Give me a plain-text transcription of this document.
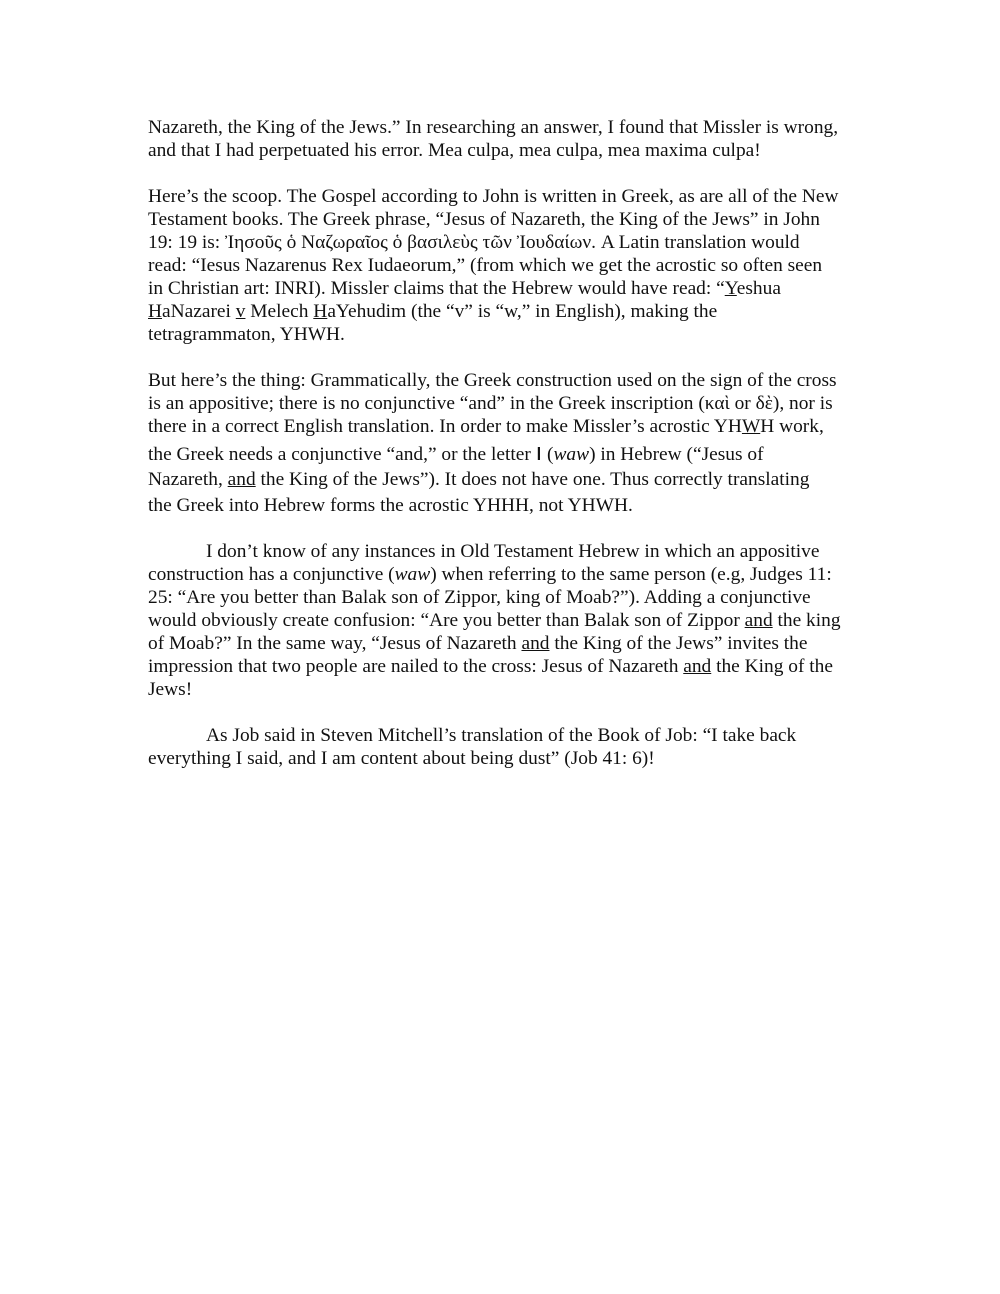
Nazareth, the King of the Jews.” In researching an answer, I found that Missler is wrong,
and that I had perpetuated his error. Mea culpa, mea culpa, mea maxima culpa!
Here’s the scoop. The Gospel according to John is written in Greek, as are all of the New
Testament books. The Greek phrase, “Jesus of Nazareth, the King of the Jews” in John
19: 19 is: Ἰησοῦς ὁ Ναζωραῖος ὁ βασιλεὺς τῶν Ἰουδαίων. A Latin translation would
read: “Iesus Nazarenus Rex Iudaeorum,” (from which we get the acrostic so often seen
in Christian art: INRI). Missler claims that the Hebrew would have read: “Yeshua
HaNazarei v Melech HaYehudim (the “v” is “w,” in English), making the
tetragrammaton, YHWH.
But here’s the thing: Grammatically, the Greek construction used on the sign of the cross
is an appositive; there is no conjunctive “and” in the Greek inscription (καὶ or δὲ), nor is
there in a correct English translation. In order to make Missler’s acrostic YHWH work,
the Greek needs a conjunctive “and,” or the letter ו (waw) in Hebrew (“Jesus of
Nazareth, and the King of the Jews”). It does not have one. Thus correctly translating
the Greek into Hebrew forms the acrostic YHHH, not YHWH.
I don’t know of any instances in Old Testament Hebrew in which an appositive
construction has a conjunctive (waw) when referring to the same person (e.g, Judges 11:
25: “Are you better than Balak son of Zippor, king of Moab?”). Adding a conjunctive
would obviously create confusion: “Are you better than Balak son of Zippor and the king
of Moab?” In the same way, “Jesus of Nazareth and the King of the Jews” invites the
impression that two people are nailed to the cross: Jesus of Nazareth and the King of the
Jews!
As Job said in Steven Mitchell’s translation of the Book of Job: “I take back
everything I said, and I am content about being dust” (Job 41: 6)!
